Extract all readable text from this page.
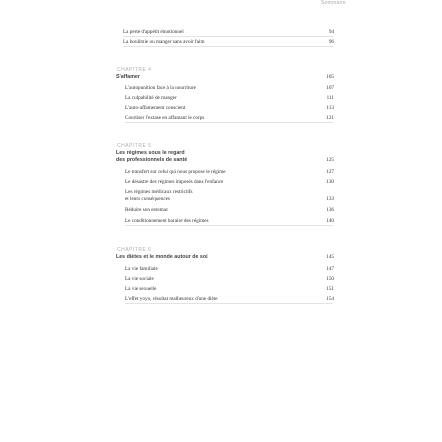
Sommaire
La perte d'appétit émotionnel	94
La boulimie ou manger sans avoir faim	96
CHAPITRE 4
S'affamer	105
L'autopunition face à la nourriture	107
La culpabilité de manger	111
L'auto-affamement conscient	113
Courtiser l'extase en affamant le corps	121
CHAPITRE 5
Les régimes sous le regard
des professionnels de santé	125
Le transfert sur celui qui nous propose le régime	127
Le désastre des régimes imposés dans l'enfance	130
Les régimes médicaux restrictifs
et leurs conséquences	133
Réduire son estomac	136
Le conditionnement horaire des régimes	140
CHAPITRE 6
Les diètes et le monde autour de soi	145
La vie familiale	147
La vie sociale	150
La vie sexuelle	151
L'effet yoyo, résultat malheureux d'une diète	154
